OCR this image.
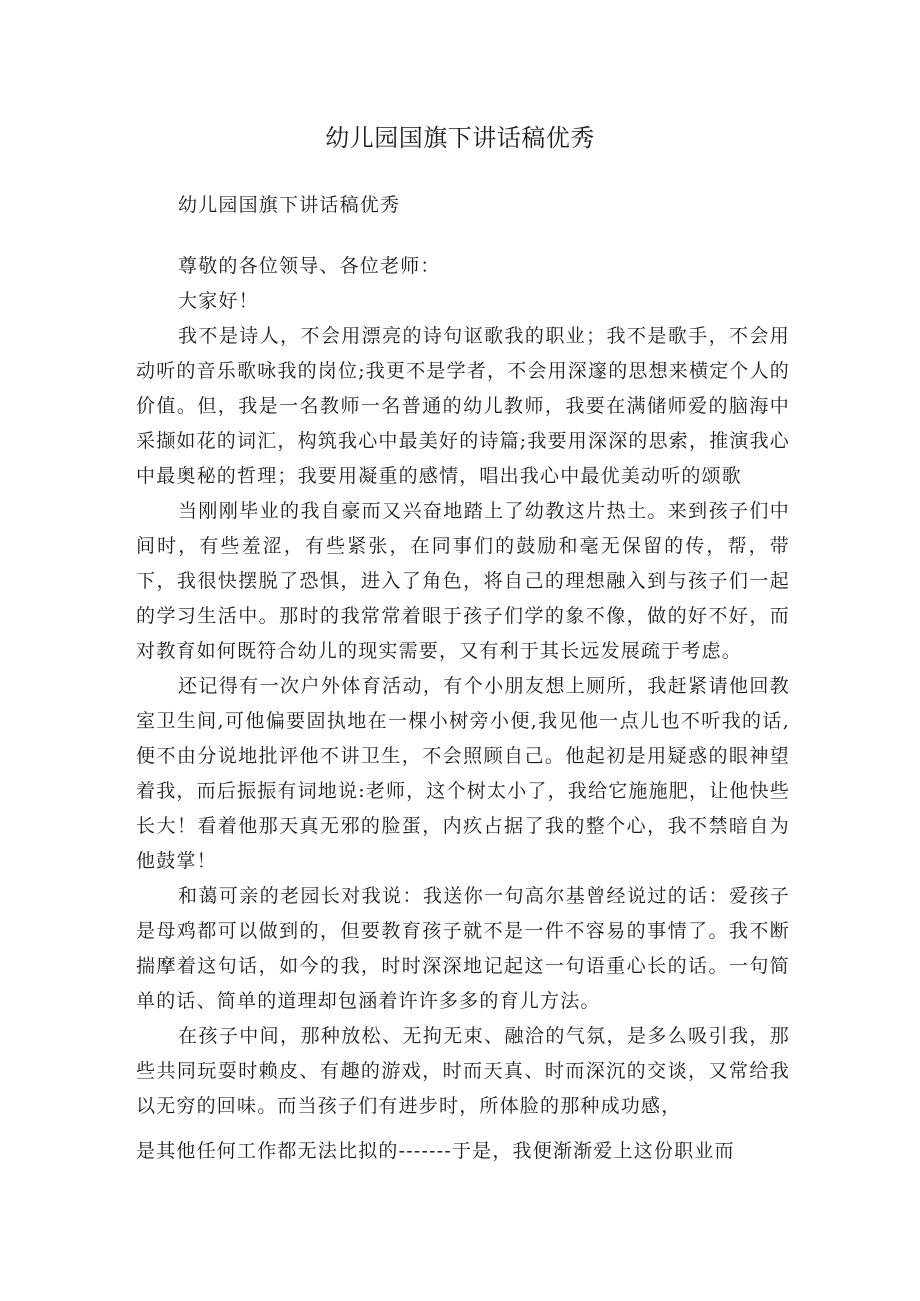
幼儿园国旗下讲话稿优秀

幼儿园国旗下讲话稿优秀

尊敬的各位领导、各位老师：

大家好！

我不是诗人，不会用漂亮的诗句讴歌我的职业；我不是歌手，不会用动听的音乐歌咏我的岗位;我更不是学者，不会用深邃的思想来横定个人的价值。但，我是一名教师一名普通的幼儿教师，我要在满储师爱的脑海中采撷如花的词汇，构筑我心中最美好的诗篇;我要用深深的思索，推演我心中最奥秘的哲理；我要用凝重的感情，唱出我心中最优美动听的颂歌

当刚刚毕业的我自豪而又兴奋地踏上了幼教这片热土。来到孩子们中间时，有些羞涩，有些紧张，在同事们的鼓励和毫无保留的传，帮，带下，我很快摆脱了恐惧，进入了角色，将自己的理想融入到与孩子们一起的学习生活中。那时的我常常着眼于孩子们学的象不像，做的好不好，而对教育如何既符合幼儿的现实需要，又有利于其长远发展疏于考虑。

还记得有一次户外体育活动，有个小朋友想上厕所，我赶紧请他回教室卫生间,可他偏要固执地在一棵小树旁小便,我见他一点儿也不听我的话,便不由分说地批评他不讲卫生，不会照顾自己。他起初是用疑惑的眼神望着我，而后振振有词地说:老师，这个树太小了，我给它施施肥，让他快些长大！看着他那天真无邪的脸蛋，内疚占据了我的整个心，我不禁暗自为他鼓掌！

和蔼可亲的老园长对我说：我送你一句高尔基曾经说过的话：爱孩子是母鸡都可以做到的，但要教育孩子就不是一件不容易的事情了。我不断揣摩着这句话，如今的我，时时深深地记起这一句语重心长的话。一句简单的话、简单的道理却包涵着许许多多的育儿方法。

在孩子中间，那种放松、无拘无束、融洽的气氛，是多么吸引我，那些共同玩耍时赖皮、有趣的游戏，时而天真、时而深沉的交谈，又常给我以无穷的回味。而当孩子们有进步时，所体脸的那种成功感，

是其他任何工作都无法比拟的-------于是，我便渐渐爱上这份职业而
